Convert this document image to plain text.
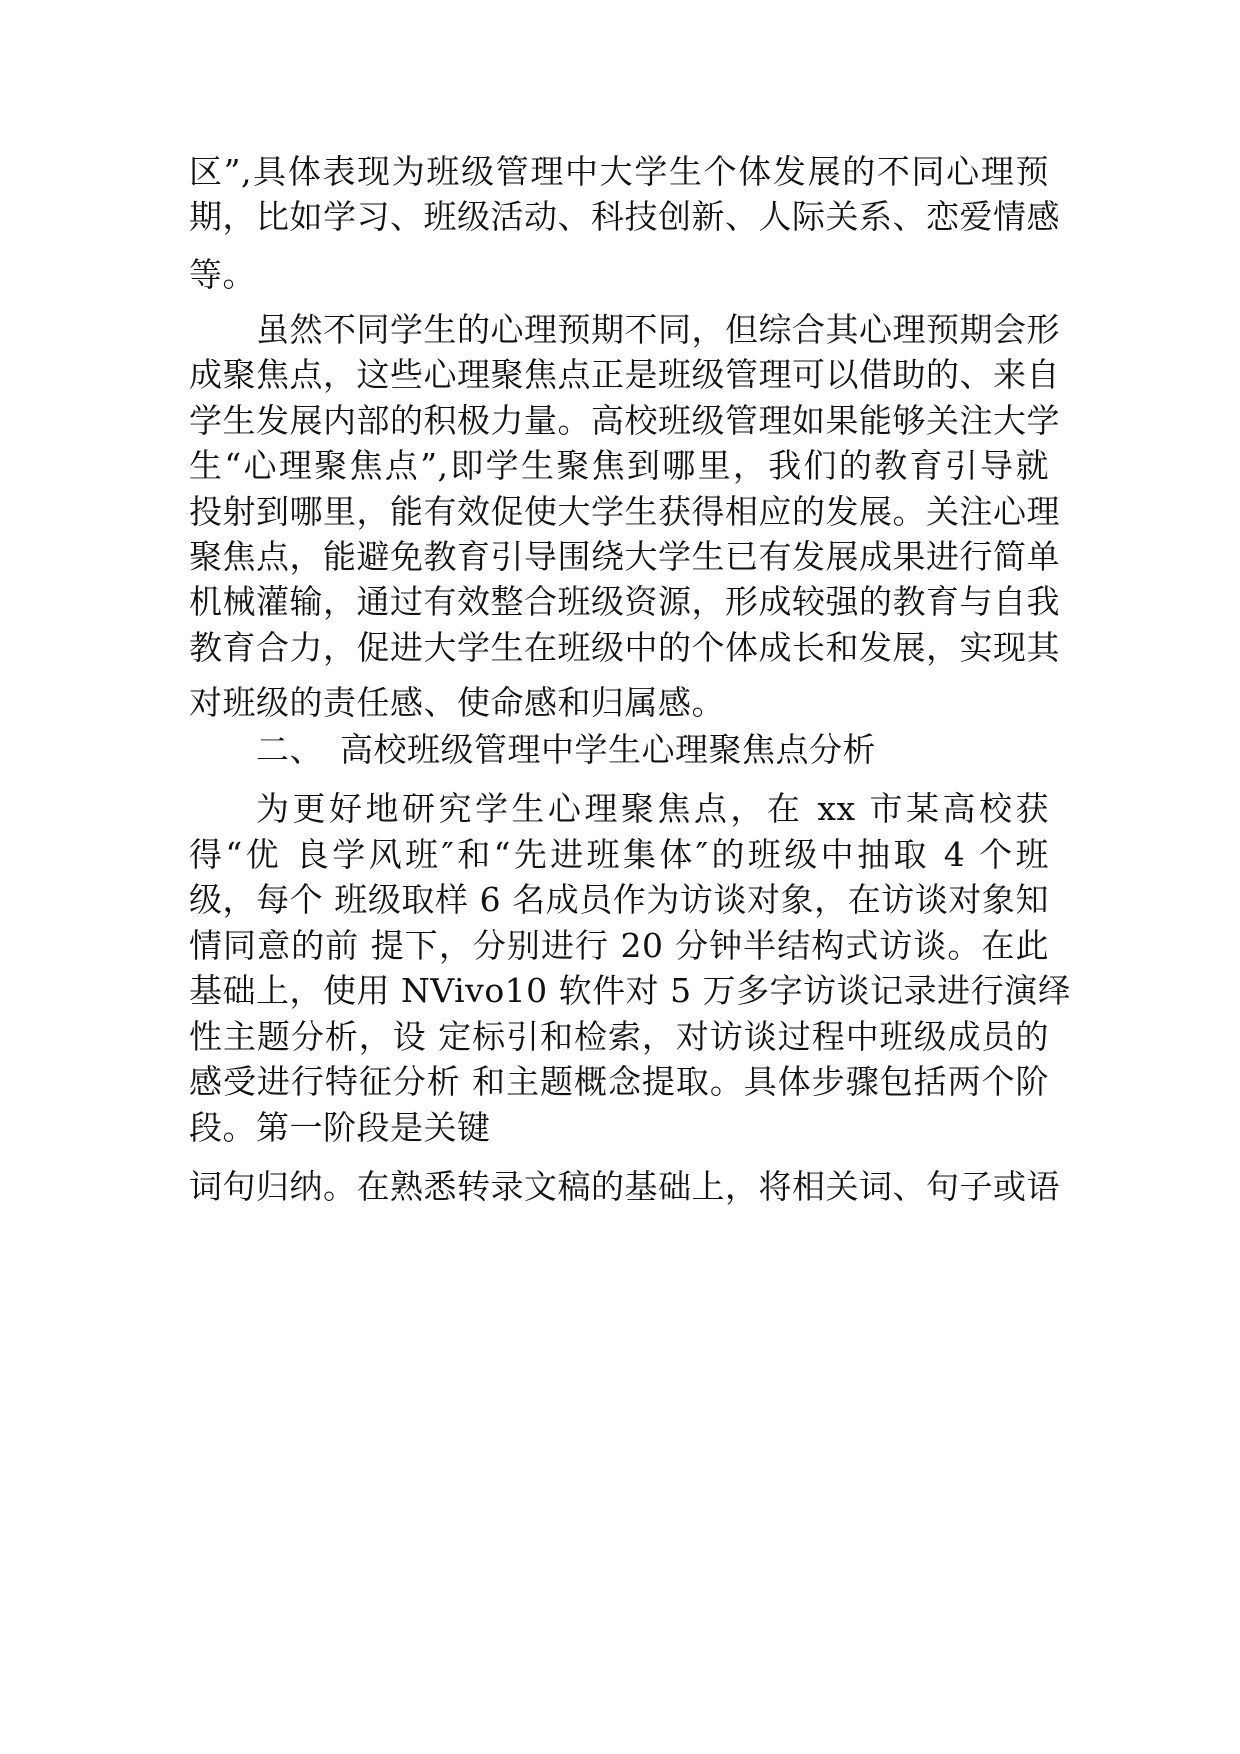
区”,具体表现为班级管理中大学生个体发展的不同心理预
期，比如学习、班级活动、科技创新、人际关系、恋爱情感
等。
虽然不同学生的心理预期不同，但综合其心理预期会形
成聚焦点，这些心理聚焦点正是班级管理可以借助的、来自
学生发展内部的积极力量。高校班级管理如果能够关注大学
生“心理聚焦点”,即学生聚焦到哪里，我们的教育引导就
投射到哪里，能有效促使大学生获得相应的发展。关注心理
聚焦点，能避免教育引导围绕大学生已有发展成果进行简单
机械灌输，通过有效整合班级资源，形成较强的教育与自我
教育合力，促进大学生在班级中的个体成长和发展，实现其
对班级的责任感、使命感和归属感。
二、 高校班级管理中学生心理聚焦点分析
为更好地研究学生心理聚焦点，在 xx 市某高校获
得“优 良学风班″和“先进班集体″的班级中抽取 4 个班
级，每个 班级取样 6 名成员作为访谈对象，在访谈对象知
情同意的前 提下，分别进行 20 分钟半结构式访谈。在此
基础上，使用 NVivo10 软件对 5 万多字访谈记录进行演绎
性主题分析，设 定标引和检索，对访谈过程中班级成员的
感受进行特征分析 和主题概念提取。具体步骤包括两个阶
段。第一阶段是关键
词句归纳。在熟悉转录文稿的基础上，将相关词、句子或语
